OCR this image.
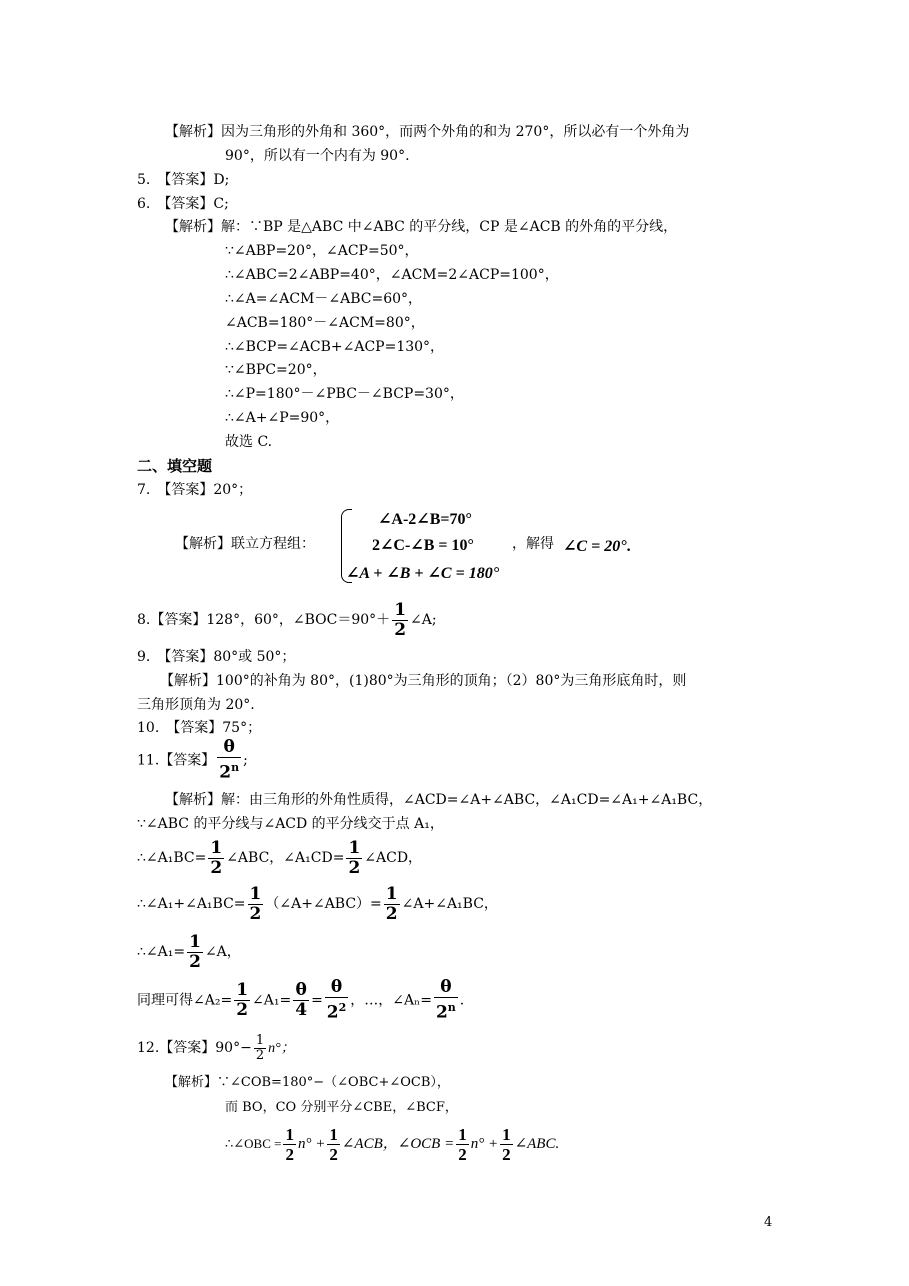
【解析】因为三角形的外角和 360°，而两个外角的和为 270°，所以必有一个外角为
90°，所以有一个内有为 90°.
5.　【答案】D;
6.　【答案】C;
【解析】解：∵BP 是△ABC 中∠ABC 的平分线，CP 是∠ACB 的外角的平分线，
∵∠ABP=20°，∠ACP=50°，
∴∠ABC=2∠ABP=40°，∠ACM=2∠ACP=100°，
∴∠A=∠ACM－∠ABC=60°，
∠ACB=180°－∠ACM=80°，
∴∠BCP=∠ACB+∠ACP=130°，
∵∠BPC=20°，
∴∠P=180°－∠PBC－∠BCP=30°，
∴∠A+∠P=90°，
故选 C.
二、填空题
7.　【答案】20°；
【解析】联立方程组：
∠A-2∠B=70°
2∠C-∠B = 10°
∠A + ∠B + ∠C = 180°
，解得 ∠C = 20°.
8.【答案】128°，60°，∠BOC＝90°＋ $\frac{1}{2}$ ∠A;
9.　【答案】80°或 50°；
【解析】100°的补角为 80°，(1)80°为三角形的顶角；（2）80°为三角形底角时，则
三角形顶角为 20°.
10.　【答案】75°；
11.【答案】 $\frac{\theta}{2^n}$ ;
【解析】解：由三角形的外角性质得，∠ACD=∠A+∠ABC，∠A₁CD=∠A₁+∠A₁BC，
∵∠ABC 的平分线与∠ACD 的平分线交于点 A₁，
∴∠A₁BC= $\frac{1}{2}$ ∠ABC，∠A₁CD= $\frac{1}{2}$ ∠ACD，
∴∠A₁+∠A₁BC= $\frac{1}{2}$ （∠A+∠ABC）= $\frac{1}{2}$ ∠A+∠A₁BC，
∴∠A₁= $\frac{1}{2}$ ∠A，
同理可得∠A₂= $\frac{1}{2}$ ∠A₁= $\frac{\theta}{4} = \frac{\theta}{2^2}$ ，…，∠Aₙ= $\frac{\theta}{2^n}$ .
12.【答案】$90^\circ- \frac{1}{2} n^\circ$；
【解析】∵∠COB=180°−（∠OBC+∠OCB），
而 BO，CO 分别平分∠CBE，∠BCF，
∴∠OBC = $\frac{1}{2} n^\circ + \frac{1}{2}$ ∠ACB，∠OCB = $\frac{1}{2} n^\circ + \frac{1}{2}$ ∠ABC.
4
